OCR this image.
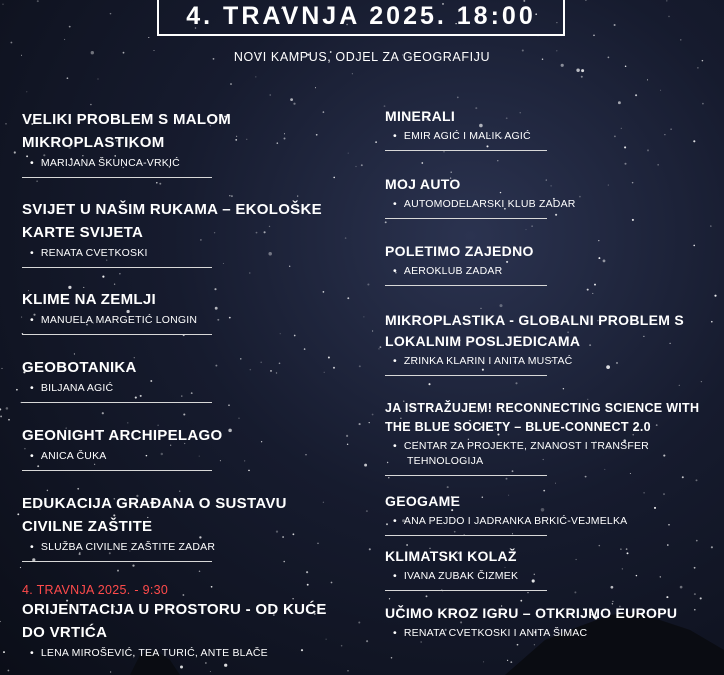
4. TRAVNJA 2025. 18:00
NOVI KAMPUS, ODJEL ZA GEOGRAFIJU
VELIKI PROBLEM S MALOM MIKROPLASTIKOM
• MARIJANA ŠKUNCA-VRKIĆ
SVIJET U NAŠIM RUKAMA – EKOLOŠKE KARTE SVIJETA
• RENATA CVETKOSKI
KLIME NA ZEMLJI
• MANUELA MARGETIĆ LONGIN
GEOBOTANIKA
• BILJANA AGIĆ
GEONIGHT ARCHIPELAGO
• ANICA ČUKA
EDUKACIJA GRAĐANA O SUSTAVU CIVILNE ZAŠTITE
• SLUŽBA CIVILNE ZAŠTITE ZADAR
4. TRAVNJA 2025. - 9:30
ORIJENTACIJA U PROSTORU - OD KUĆE DO VRTIĆA
• LENA MIROŠEVIĆ, TEA TURIĆ, ANTE BLAČE
MINERALI
• EMIR AGIĆ I MALIK AGIĆ
MOJ AUTO
• AUTOMODELARSKI KLUB ZADAR
POLETIMO ZAJEDNO
• AEROKLUB ZADAR
MIKROPLASTIKA - GLOBALNI PROBLEM S LOKALNIM POSLJEDICAMA
• ZRINKA KLARIN I ANITA MUSTAĆ
JA ISTRAŽUJEM! RECONNECTING SCIENCE WITH THE BLUE SOCIETY – BLUE-CONNECT 2.0
• CENTAR ZA PROJEKTE, ZNANOST I TRANSFER TEHNOLOGIJA
GEOGAME
• ANA PEJDO I JADRANKA BRKIĆ-VEJMELKA
KLIMATSKI KOLAŽ
• IVANA ZUBAK ČIZMEK
UČIMO KROZ IGRU – OTKRIJMO EUROPU
• RENATA CVETKOSKI I ANITA ŠIMAC
